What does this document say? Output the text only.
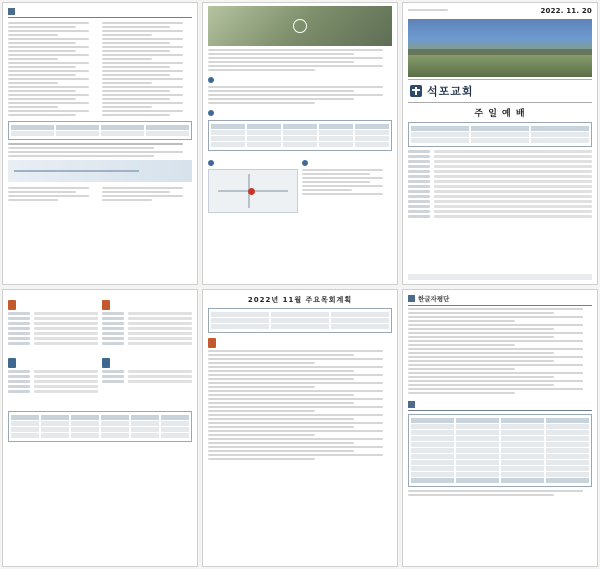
2022. 11. 20
석포교회
주 일 예 배

2022년 11월 주요목회계획
	한글자평단
